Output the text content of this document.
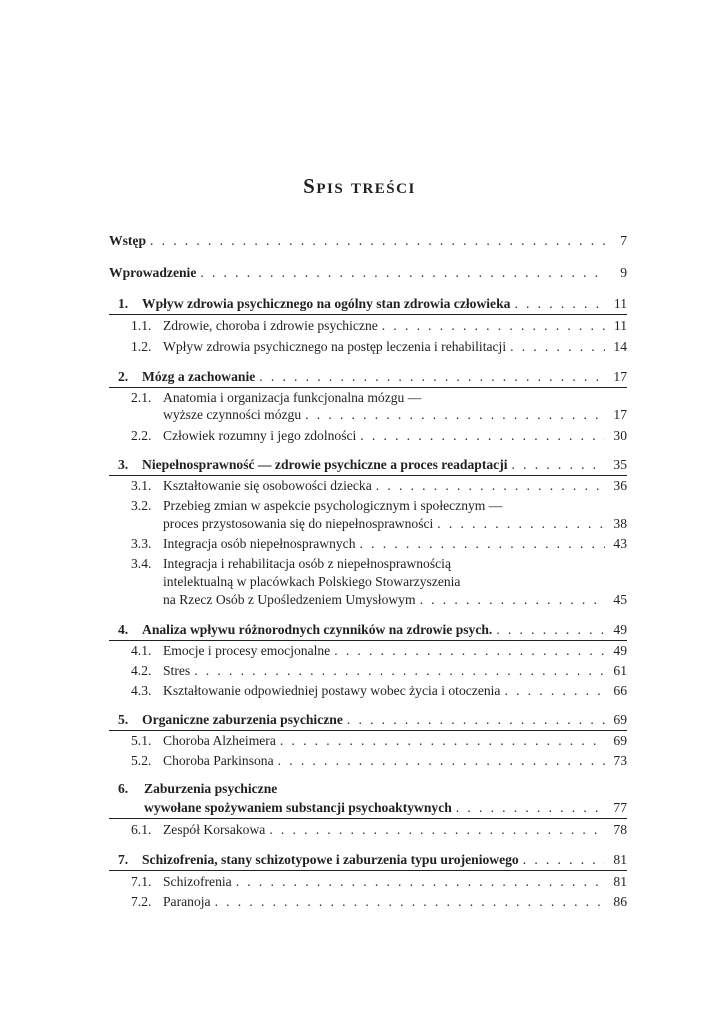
Spis treści
Wstęp . . .	7
Wprowadzenie . . .	9
1.	Wpływ zdrowia psychicznego na ogólny stan zdrowia człowieka . . .	11
1.1. Zdrowie, choroba i zdrowie psychiczne . . .	11
1.2. Wpływ zdrowia psychicznego na postęp leczenia i rehabilitacji . . .	14
2.	Mózg a zachowanie . . .	17
2.1. Anatomia i organizacja funkcjonalna mózgu —
wyższe czynności mózgu . . .	17
2.2. Człowiek rozumny i jego zdolności . . .	30
3.	Niepełnosprawność — zdrowie psychiczne a proces readaptacji . . .	35
3.1. Kształtowanie się osobowości dziecka . . .	36
3.2. Przebieg zmian w aspekcie psychologicznym i społecznym —
proces przystosowania się do niepełnosprawności . . .	38
3.3. Integracja osób niepełnosprawnych . . .	43
3.4. Integracja i rehabilitacja osób z niepełnosprawnością
intelektualną w placówkach Polskiego Stowarzyszenia
na Rzecz Osób z Upośledzeniem Umysłowym . . .	45
4.	Analiza wpływu różnorodnych czynników na zdrowie psych. . . .	49
4.1. Emocje i procesy emocjonalne . . .	49
4.2. Stres . . .	61
4.3. Kształtowanie odpowiedniej postawy wobec życia i otoczenia . . .	66
5.	Organiczne zaburzenia psychiczne . . .	69
5.1. Choroba Alzheimera . . .	69
5.2. Choroba Parkinsona . . .	73
6. Zaburzenia psychiczne
wywołane spożywaniem substancji psychoaktywnych . . .	77
6.1. Zespół Korsakowa . . .	78
7.	Schizofrenia, stany schizotypowe i zaburzenia typu urojeniowego . . .	81
7.1. Schizofrenia . . .	81
7.2. Paranoja . . .	86
